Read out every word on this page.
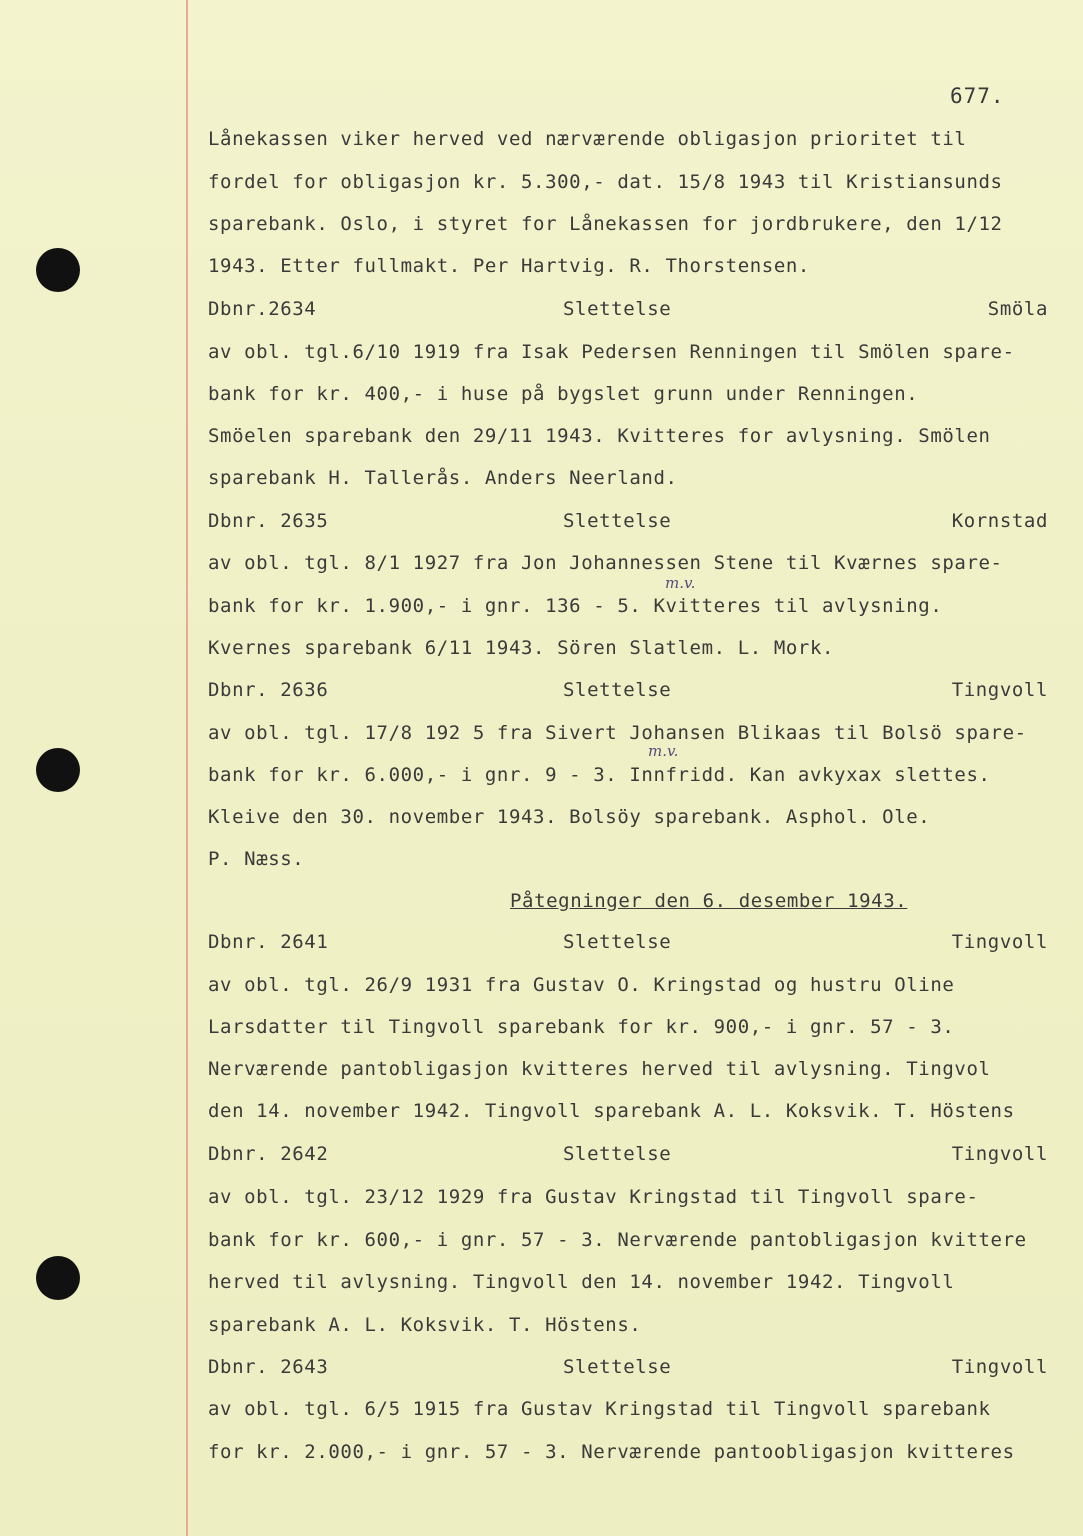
677.
Lånekassen viker herved ved nærværende obligasjon prioritet til
fordel for obligasjon kr. 5.300,- dat. 15/8 1943 til Kristiansunds
sparebank. Oslo, i styret for Lånekassen for jordbrukere, den 1/12
1943. Etter fullmakt. Per Hartvig. R. Thorstensen.
Dbnr.2634	Slettelse	Smöla
av obl. tgl.6/10 1919 fra Isak Pedersen Renningen til Smölen spare-
bank for kr. 400,- i huse på bygslet grunn under Renningen.
Smöelen sparebank den 29/11 1943. Kvitteres for avlysning. Smölen
sparebank H. Tallerås. Anders Neerland.
Dbnr. 2635	Slettelse	Kornstad
av obl. tgl. 8/1 1927 fra Jon Johannessen Stene til Kværnes spare-
m.v.
bank for kr. 1.900,- i gnr. 136 - 5. Kvitteres til avlysning.
Kvernes sparebank 6/11 1943. Sören Slatlem. L. Mork.
Dbnr. 2636	Slettelse	Tingvoll
av obl. tgl. 17/8 192 5 fra Sivert Johansen Blikaas til Bolsö spare-
m.v.
bank for kr. 6.000,- i gnr. 9 - 3. Innfridd. Kan avkyxax slettes.
Kleive den 30. november 1943. Bolsöy sparebank. Asphol. Ole.
P. Næss.
Påtegninger den 6. desember 1943.
Dbnr. 2641	Slettelse	Tingvoll
av obl. tgl. 26/9 1931 fra Gustav O. Kringstad og hustru Oline
Larsdatter til Tingvoll sparebank for kr. 900,- i gnr. 57 - 3.
Nerværende pantobligasjon kvitteres herved til avlysning. Tingvol
den 14. november 1942. Tingvoll sparebank A. L. Koksvik. T. Höstens
Dbnr. 2642	Slettelse	Tingvoll
av obl. tgl. 23/12 1929 fra Gustav Kringstad til Tingvoll spare-
bank for kr. 600,- i gnr. 57 - 3. Nerværende pantobligasjon kvittere
herved til avlysning. Tingvoll den 14. november 1942. Tingvoll
sparebank A. L. Koksvik. T. Höstens.
Dbnr. 2643	Slettelse	Tingvoll
av obl. tgl. 6/5 1915 fra Gustav Kringstad til Tingvoll sparebank
for kr. 2.000,- i gnr. 57 - 3. Nerværende pantoobligasjon kvitteres
